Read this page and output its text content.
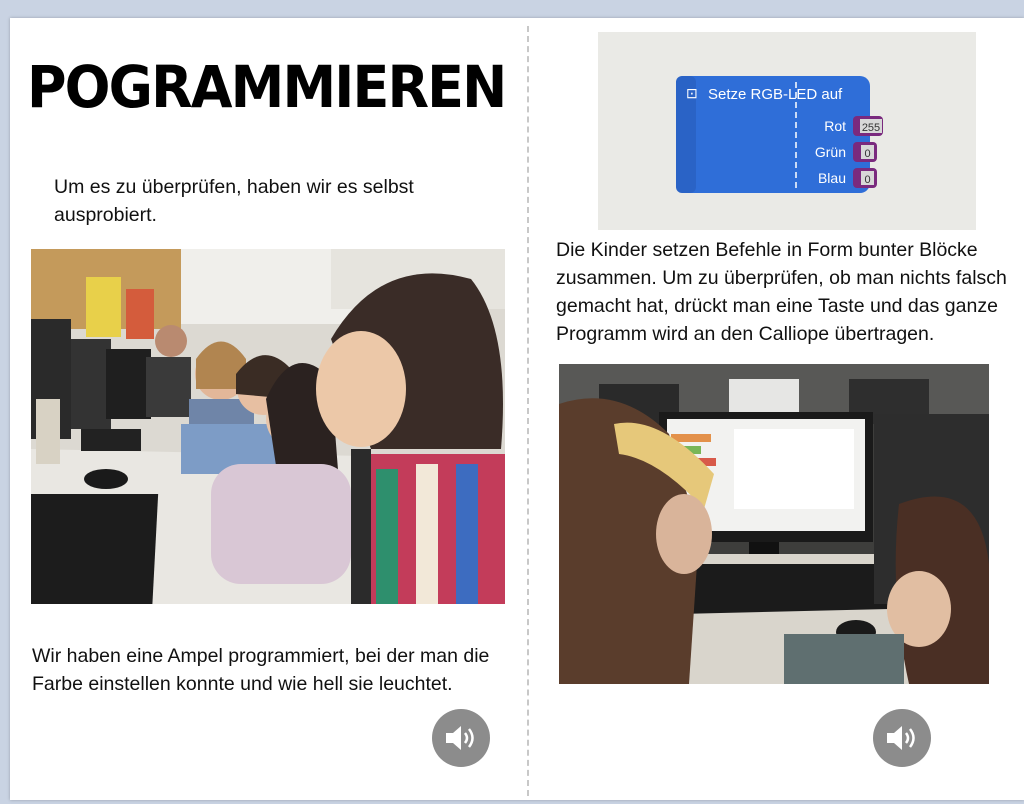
POGRAMMIEREN
Um es zu überprüfen, haben wir es selbst ausprobiert.
Wir haben eine Ampel programmiert, bei der man die Farbe einstellen konnte und wie hell sie leuchtet.
⊡ Setze RGB-LED auf
Rot
Grün
Blau
255
0
0
Die Kinder setzen Befehle in Form bunter Blöcke zusammen. Um zu überprüfen, ob man nichts falsch gemacht hat, drückt man eine Taste und das ganze Programm wird an den Calliope übertragen.
